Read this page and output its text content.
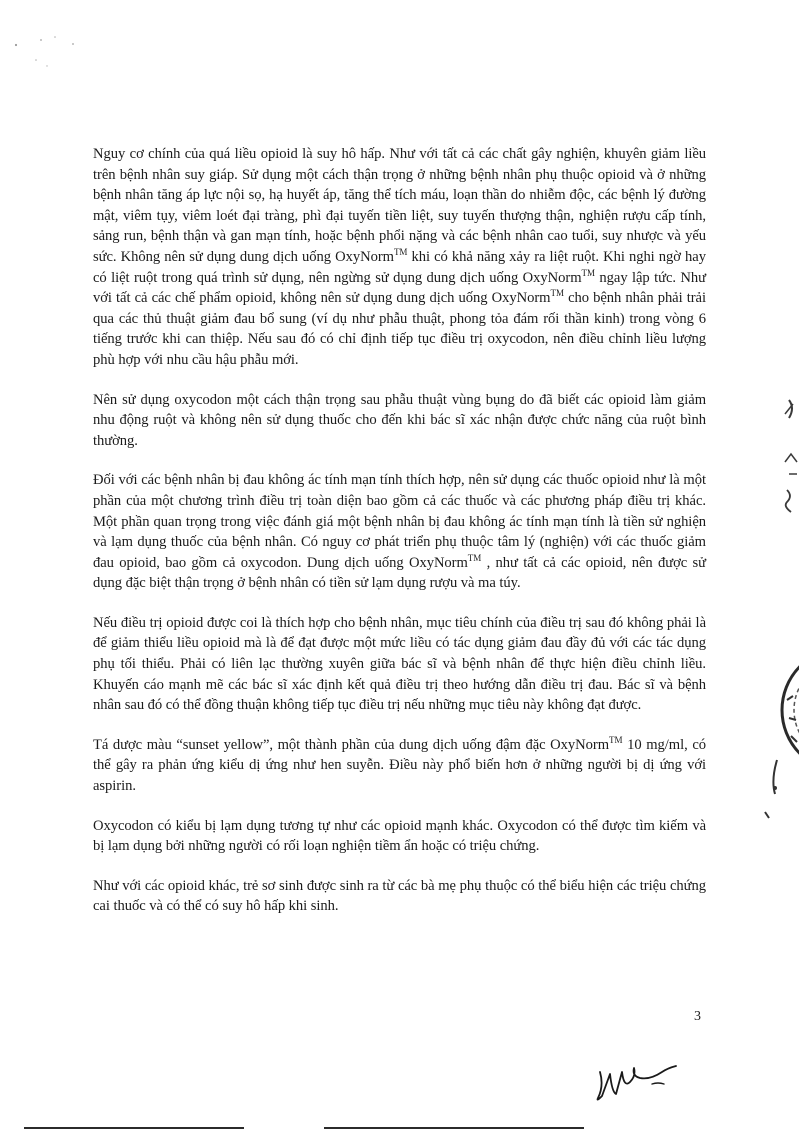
Nguy cơ chính của quá liều opioid là suy hô hấp. Như với tất cả các chất gây nghiện, khuyên giảm liều trên bệnh nhân suy giáp. Sử dụng một cách thận trọng ở những bệnh nhân phụ thuộc opioid và ở những bệnh nhân tăng áp lực nội sọ, hạ huyết áp, tăng thể tích máu, loạn thần do nhiễm độc, các bệnh lý đường mật, viêm tụy, viêm loét đại tràng, phì đại tuyến tiền liệt, suy tuyến thượng thận, nghiện rượu cấp tính, sảng run, bệnh thận và gan mạn tính, hoặc bệnh phổi nặng và các bệnh nhân cao tuổi, suy nhược và yếu sức. Không nên sử dụng dung dịch uống OxyNorm™ khi có khả năng xảy ra liệt ruột. Khi nghi ngờ hay có liệt ruột trong quá trình sử dụng, nên ngừng sử dụng dung dịch uống OxyNorm™ ngay lập tức. Như với tất cả các chế phẩm opioid, không nên sử dụng dung dịch uống OxyNorm™ cho bệnh nhân phải trải qua các thủ thuật giảm đau bổ sung (ví dụ như phẫu thuật, phong tỏa đám rối thần kinh) trong vòng 6 tiếng trước khi can thiệp. Nếu sau đó có chỉ định tiếp tục điều trị oxycodon, nên điều chỉnh liều lượng phù hợp với nhu cầu hậu phẫu mới.

Nên sử dụng oxycodon một cách thận trọng sau phẫu thuật vùng bụng do đã biết các opioid làm giảm nhu động ruột và không nên sử dụng thuốc cho đến khi bác sĩ xác nhận được chức năng của ruột bình thường.

Đối với các bệnh nhân bị đau không ác tính mạn tính thích hợp, nên sử dụng các thuốc opioid như là một phần của một chương trình điều trị toàn diện bao gồm cả các thuốc và các phương pháp điều trị khác. Một phần quan trọng trong việc đánh giá một bệnh nhân bị đau không ác tính mạn tính là tiền sử nghiện và lạm dụng thuốc của bệnh nhân. Có nguy cơ phát triển phụ thuộc tâm lý (nghiện) với các thuốc giảm đau opioid, bao gồm cả oxycodon. Dung dịch uống OxyNorm™ , như tất cả các opioid, nên được sử dụng đặc biệt thận trọng ở bệnh nhân có tiền sử lạm dụng rượu và ma túy.

Nếu điều trị opioid được coi là thích hợp cho bệnh nhân, mục tiêu chính của điều trị sau đó không phải là để giảm thiểu liều opioid mà là để đạt được một mức liều có tác dụng giảm đau đầy đủ với các tác dụng phụ tối thiểu. Phải có liên lạc thường xuyên giữa bác sĩ và bệnh nhân để thực hiện điều chỉnh liều. Khuyến cáo mạnh mẽ các bác sĩ xác định kết quả điều trị theo hướng dẫn điều trị đau. Bác sĩ và bệnh nhân sau đó có thể đồng thuận không tiếp tục điều trị nếu những mục tiêu này không đạt được.

Tá dược màu “sunset yellow”, một thành phần của dung dịch uống đậm đặc OxyNorm™ 10 mg/ml, có thể gây ra phản ứng kiểu dị ứng như hen suyễn. Điều này phổ biến hơn ở những người bị dị ứng với aspirin.

Oxycodon có kiểu bị lạm dụng tương tự như các opioid mạnh khác. Oxycodon có thể được tìm kiếm và bị lạm dụng bởi những người có rối loạn nghiện tiềm ẩn hoặc có triệu chứng.

Như với các opioid khác, trẻ sơ sinh được sinh ra từ các bà mẹ phụ thuộc có thể biểu hiện các triệu chứng cai thuốc và có thể có suy hô hấp khi sinh.

3
